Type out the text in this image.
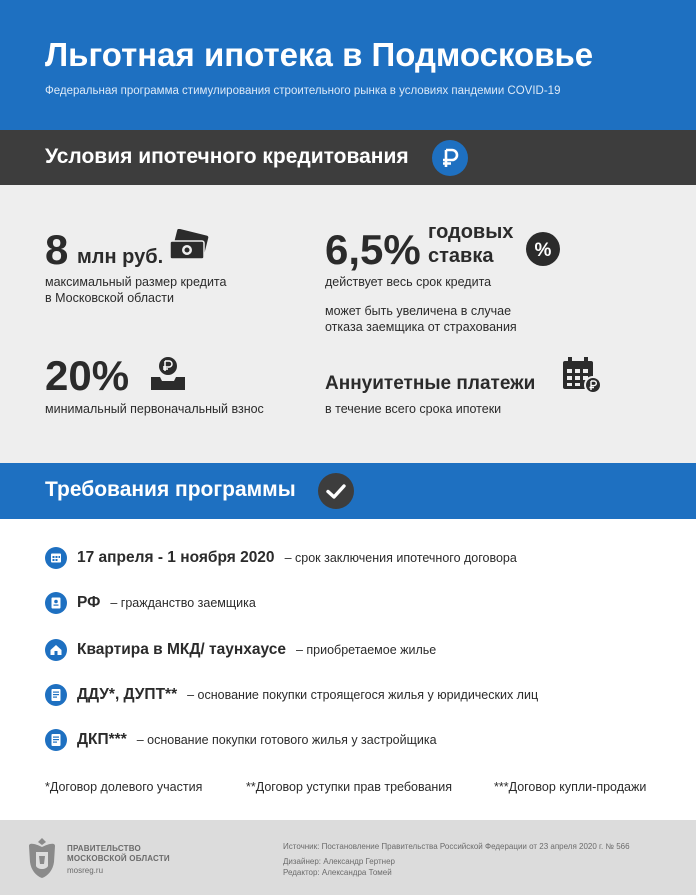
Льготная ипотека в Подмосковье

Федеральная программа стимулирования строительного рынка в условиях пандемии COVID-19

Условия ипотечного кредитования
8 млн руб.
максимальный размер кредита
в Московской области
6,5% годовых
ставка %
действует весь срок кредита
может быть увеличена в случае
отказа заемщика от страхования
20%
минимальный первоначальный взнос
Аннуитетные платежи
в течение всего срока ипотеки
Требования программы
17 апреля - 1 ноября 2020 – срок заключения ипотечного договора
РФ – гражданство заемщика
Квартира в МКД/ таунхаусе – приобретаемое жилье
ДДУ*, ДУПТ** – основание покупки строящегося жилья у юридических лиц
ДКП*** – основание покупки готового жилья у застройщика
*Договор долевого участия	**Договор уступки прав требования	***Договор купли-продажи
ПРАВИТЕЛЬСТВО
МОСКОВСКОЙ ОБЛАСТИ
mosreg.ru
Источник: Постановление Правительства Российской Федерации от 23 апреля 2020 г. № 566
Дизайнер: Александр Гертнер
Редактор: Александра Томей
